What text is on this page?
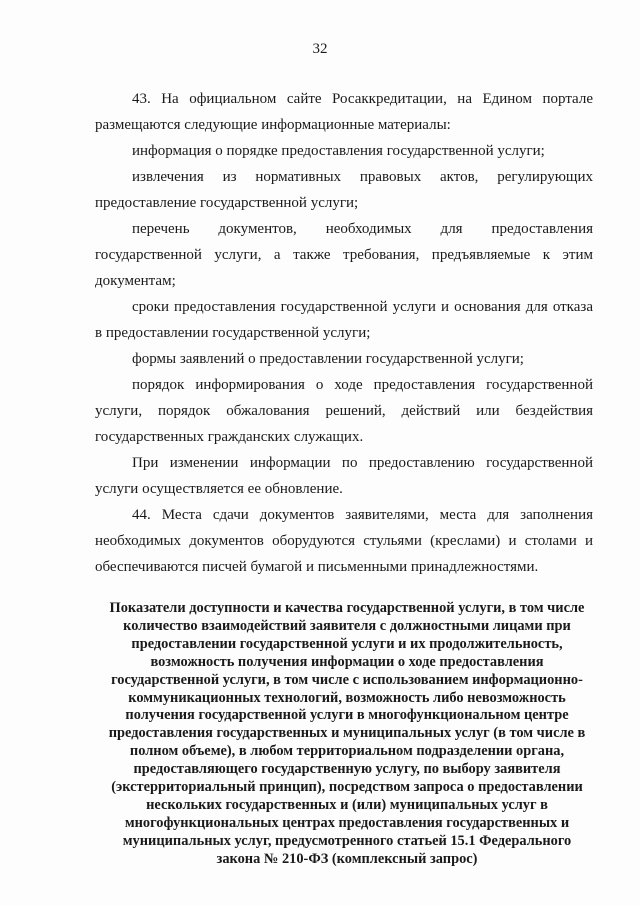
32

43. На официальном сайте Росаккредитации, на Едином портале размещаются следующие информационные материалы:

информация о порядке предоставления государственной услуги;

извлечения из нормативных правовых актов, регулирующих предоставление государственной услуги;

перечень документов, необходимых для предоставления государственной услуги, а также требования, предъявляемые к этим документам;

сроки предоставления государственной услуги и основания для отказа в предоставлении государственной услуги;

формы заявлений о предоставлении государственной услуги;

порядок информирования о ходе предоставления государственной услуги, порядок обжалования решений, действий или бездействия государственных гражданских служащих.

При изменении информации по предоставлению государственной услуги осуществляется ее обновление.

44. Места сдачи документов заявителями, места для заполнения необходимых документов оборудуются стульями (креслами) и столами и обеспечиваются писчей бумагой и письменными принадлежностями.

Показатели доступности и качества государственной услуги, в том числе
количество взаимодействий заявителя с должностными лицами при
предоставлении государственной услуги и их продолжительность,
возможность получения информации о ходе предоставления
государственной услуги, в том числе с использованием информационно-
коммуникационных технологий, возможность либо невозможность
получения государственной услуги в многофункциональном центре
предоставления государственных и муниципальных услуг (в том числе в
полном объеме), в любом территориальном подразделении органа,
предоставляющего государственную услугу, по выбору заявителя
(экстерриториальный принцип), посредством запроса о предоставлении
нескольких государственных и (или) муниципальных услуг в
многофункциональных центрах предоставления государственных и
муниципальных услуг, предусмотренного статьей 15.1 Федерального
закона № 210-ФЗ (комплексный запрос)
